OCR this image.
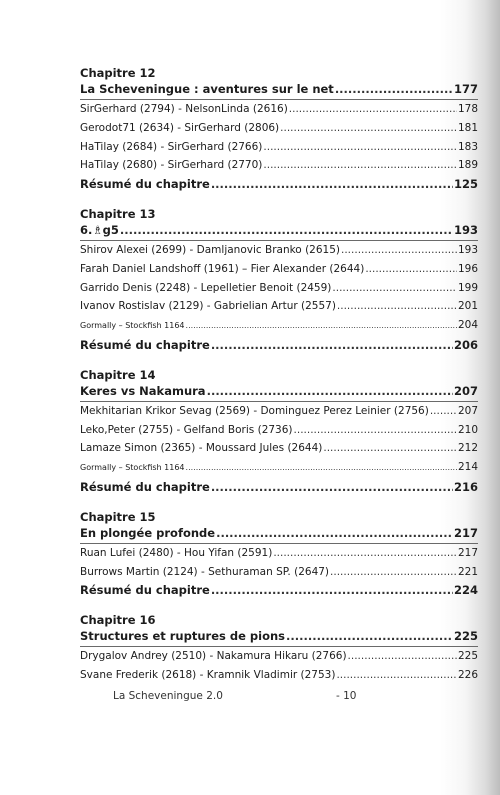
Chapitre 12
La Scheveningue : aventures sur le net .....	177
SirGerhard (2794) - NelsonLinda (2616) .....	178
Gerodot71 (2634) - SirGerhard (2806) .....	181
HaTilay (2684) - SirGerhard (2766) .....	183
HaTilay (2680) - SirGerhard (2770) .....	189
Résumé du chapitre .....	125
Chapitre 13
6.♗g5 .....	193
Shirov Alexei (2699) - Damljanovic Branko (2615) .....	193
Farah Daniel Landshoff (1961) – Fier Alexander (2644) .....	196
Garrido Denis (2248) - Lepelletier Benoit (2459) .....	199
Ivanov Rostislav (2129) - Gabrielian Artur (2557) .....	201
Gormally – Stockfish 1164 .....	204
Résumé du chapitre .....	206
Chapitre 14
Keres vs Nakamura .....	207
Mekhitarian Krikor Sevag (2569) - Dominguez Perez Leinier (2756) .....	207
Leko,Peter (2755) - Gelfand Boris (2736) .....	210
Lamaze Simon (2365) - Moussard Jules (2644) .....	212
Gormally – Stockfish 1164 .....	214
Résumé du chapitre .....	216
Chapitre 15
En plongée profonde .....	217
Ruan Lufei (2480) - Hou Yifan (2591) .....	217
Burrows Martin (2124) - Sethuraman SP. (2647) .....	221
Résumé du chapitre .....	224
Chapitre 16
Structures et ruptures de pions .....	225
Drygalov Andrey (2510) - Nakamura Hikaru (2766) .....	225
Svane Frederik (2618) - Kramnik Vladimir (2753) .....	226
La Scheveningue 2.0	- 10
